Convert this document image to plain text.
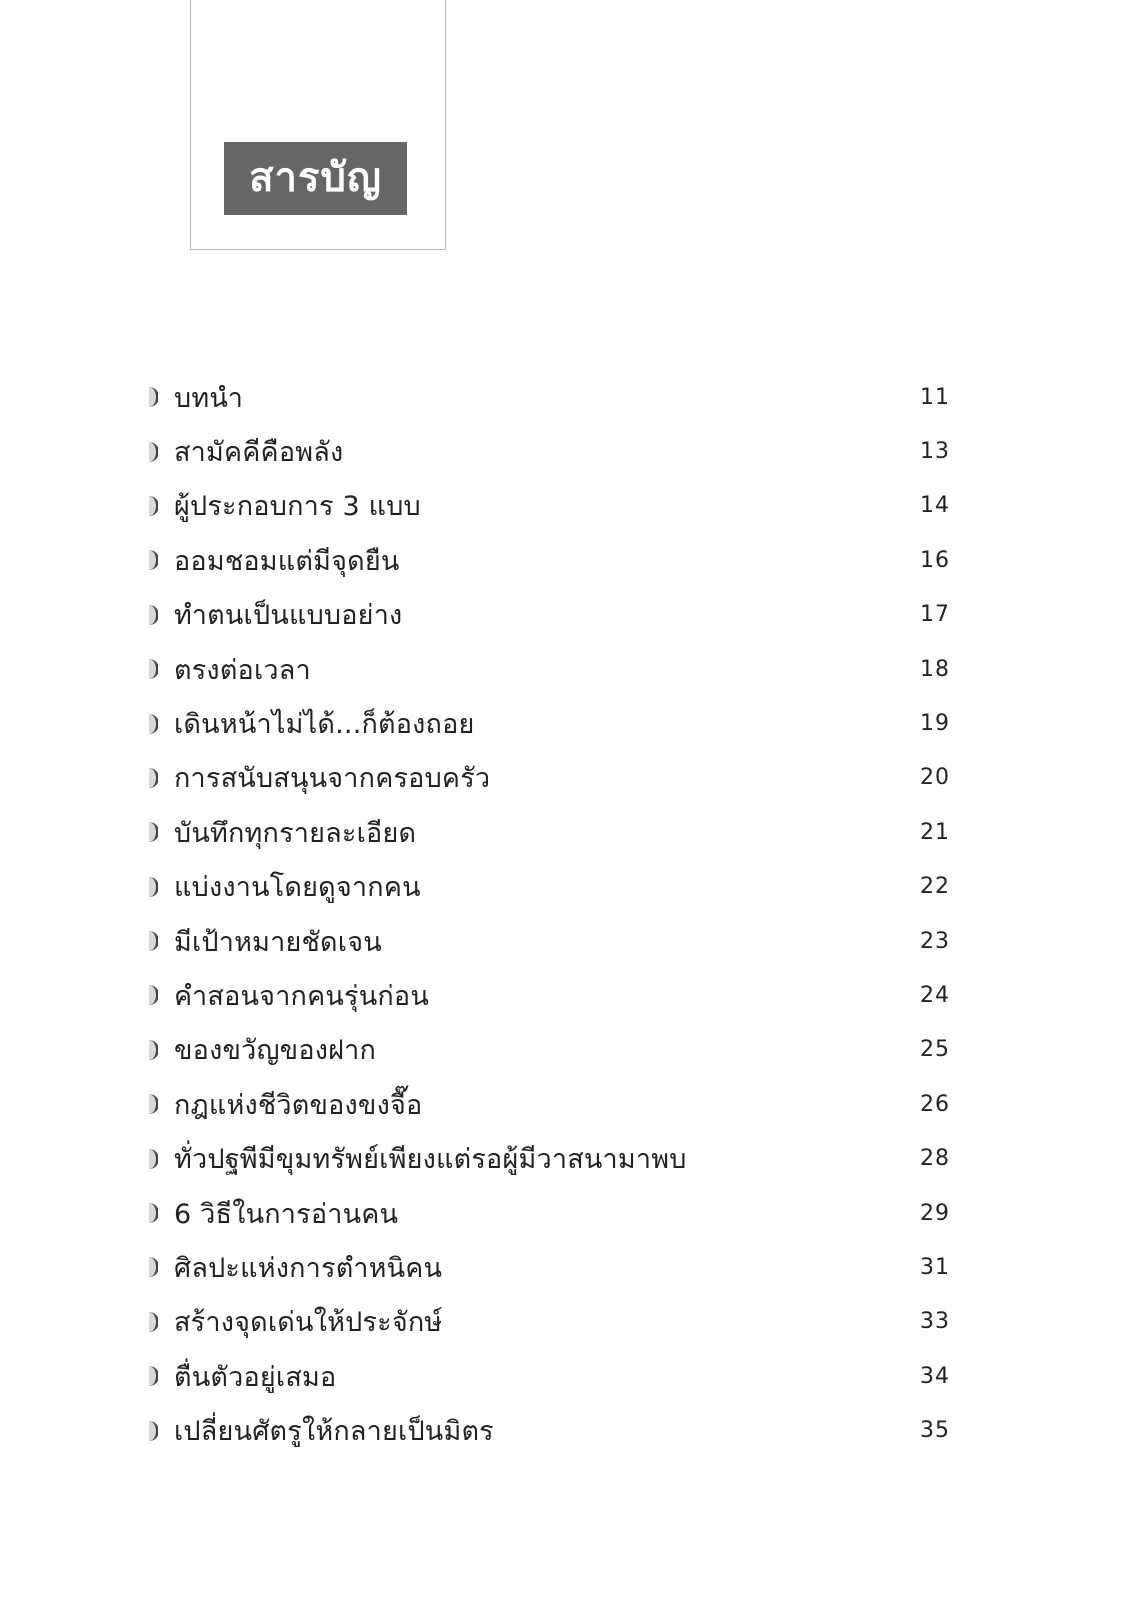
สารบัญ
บทนำ	11
สามัคคีคือพลัง	13
ผู้ประกอบการ 3 แบบ	14
ออมชอมแต่มีจุดยืน	16
ทำตนเป็นแบบอย่าง	17
ตรงต่อเวลา	18
เดินหน้าไม่ได้...ก็ต้องถอย	19
การสนับสนุนจากครอบครัว	20
บันทึกทุกรายละเอียด	21
แบ่งงานโดยดูจากคน	22
มีเป้าหมายชัดเจน	23
คำสอนจากคนรุ่นก่อน	24
ของขวัญของฝาก	25
กฎแห่งชีวิตของขงจื๊อ	26
ทั่วปฐพีมีขุมทรัพย์เพียงแต่รอผู้มีวาสนามาพบ	28
6 วิธีในการอ่านคน	29
ศิลปะแห่งการตำหนิคน	31
สร้างจุดเด่นให้ประจักษ์	33
ตื่นตัวอยู่เสมอ	34
เปลี่ยนศัตรูให้กลายเป็นมิตร	35
